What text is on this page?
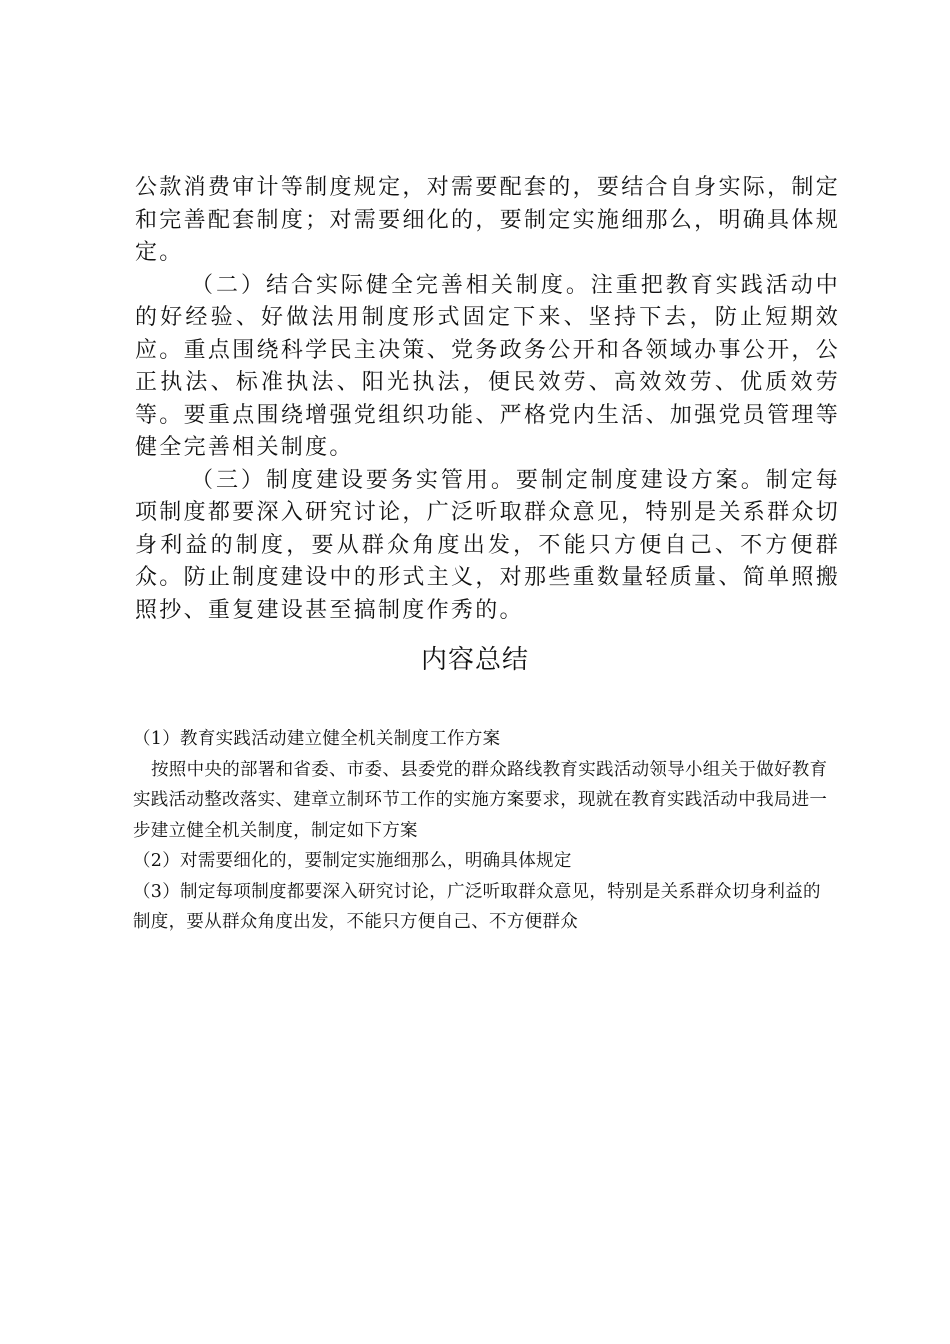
公款消费审计等制度规定，对需要配套的，要结合自身实际，制定和完善配套制度；对需要细化的，要制定实施细那么，明确具体规定。

（二）结合实际健全完善相关制度。注重把教育实践活动中的好经验、好做法用制度形式固定下来、坚持下去，防止短期效应。重点围绕科学民主决策、党务政务公开和各领域办事公开，公正执法、标准执法、阳光执法，便民效劳、高效效劳、优质效劳等。要重点围绕增强党组织功能、严格党内生活、加强党员管理等健全完善相关制度。

（三）制度建设要务实管用。要制定制度建设方案。制定每项制度都要深入研究讨论，广泛听取群众意见，特别是关系群众切身利益的制度，要从群众角度出发，不能只方便自己、不方便群众。防止制度建设中的形式主义，对那些重数量轻质量、简单照搬照抄、重复建设甚至搞制度作秀的。

内容总结

（1）教育实践活动建立健全机关制度工作方案

按照中央的部署和省委、市委、县委党的群众路线教育实践活动领导小组关于做好教育实践活动整改落实、建章立制环节工作的实施方案要求，现就在教育实践活动中我局进一步建立健全机关制度，制定如下方案

（2）对需要细化的，要制定实施细那么，明确具体规定

（3）制定每项制度都要深入研究讨论，广泛听取群众意见，特别是关系群众切身利益的制度，要从群众角度出发，不能只方便自己、不方便群众
